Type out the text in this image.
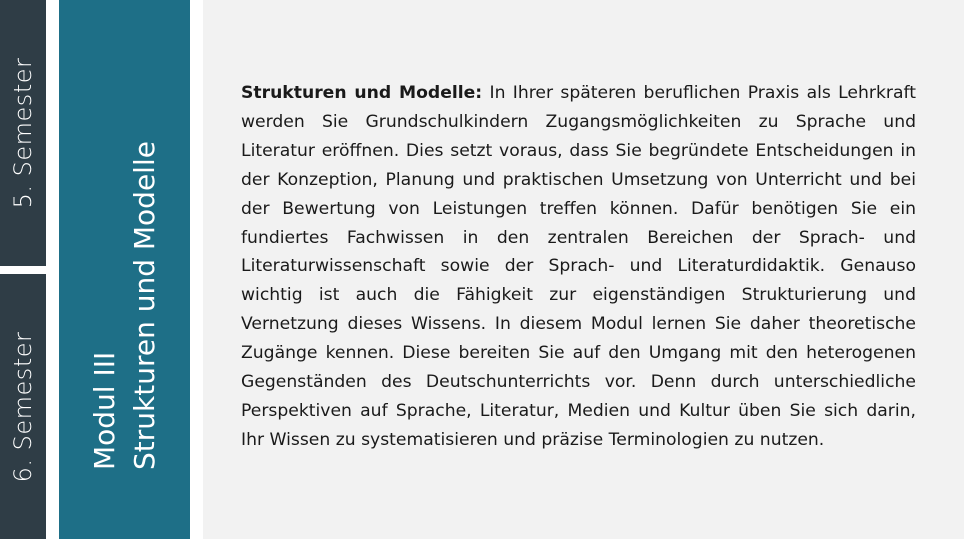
5. Semester
6. Semester Modul III Strukturen und Modelle

Strukturen und Modelle: In Ihrer späteren beruflichen Praxis als Lehrkraft werden Sie Grundschulkindern Zugangsmöglichkeiten zu Sprache und Literatur eröffnen. Dies setzt voraus, dass Sie begründete Entscheidungen in der Konzeption, Planung und praktischen Umsetzung von Unterricht und bei der Bewertung von Leistungen treffen können. Dafür benötigen Sie ein fundiertes Fachwissen in den zentralen Bereichen der Sprach- und Literaturwissenschaft sowie der Sprach- und Literaturdidaktik. Genauso wichtig ist auch die Fähigkeit zur eigenständigen Strukturierung und Vernetzung dieses Wissens. In diesem Modul lernen Sie daher theoretische Zugänge kennen. Diese bereiten Sie auf den Umgang mit den heterogenen Gegenständen des Deutschunterrichts vor. Denn durch unterschiedliche Perspektiven auf Sprache, Literatur, Medien und Kultur üben Sie sich darin, Ihr Wissen zu systematisieren und präzise Terminologien zu nutzen.
